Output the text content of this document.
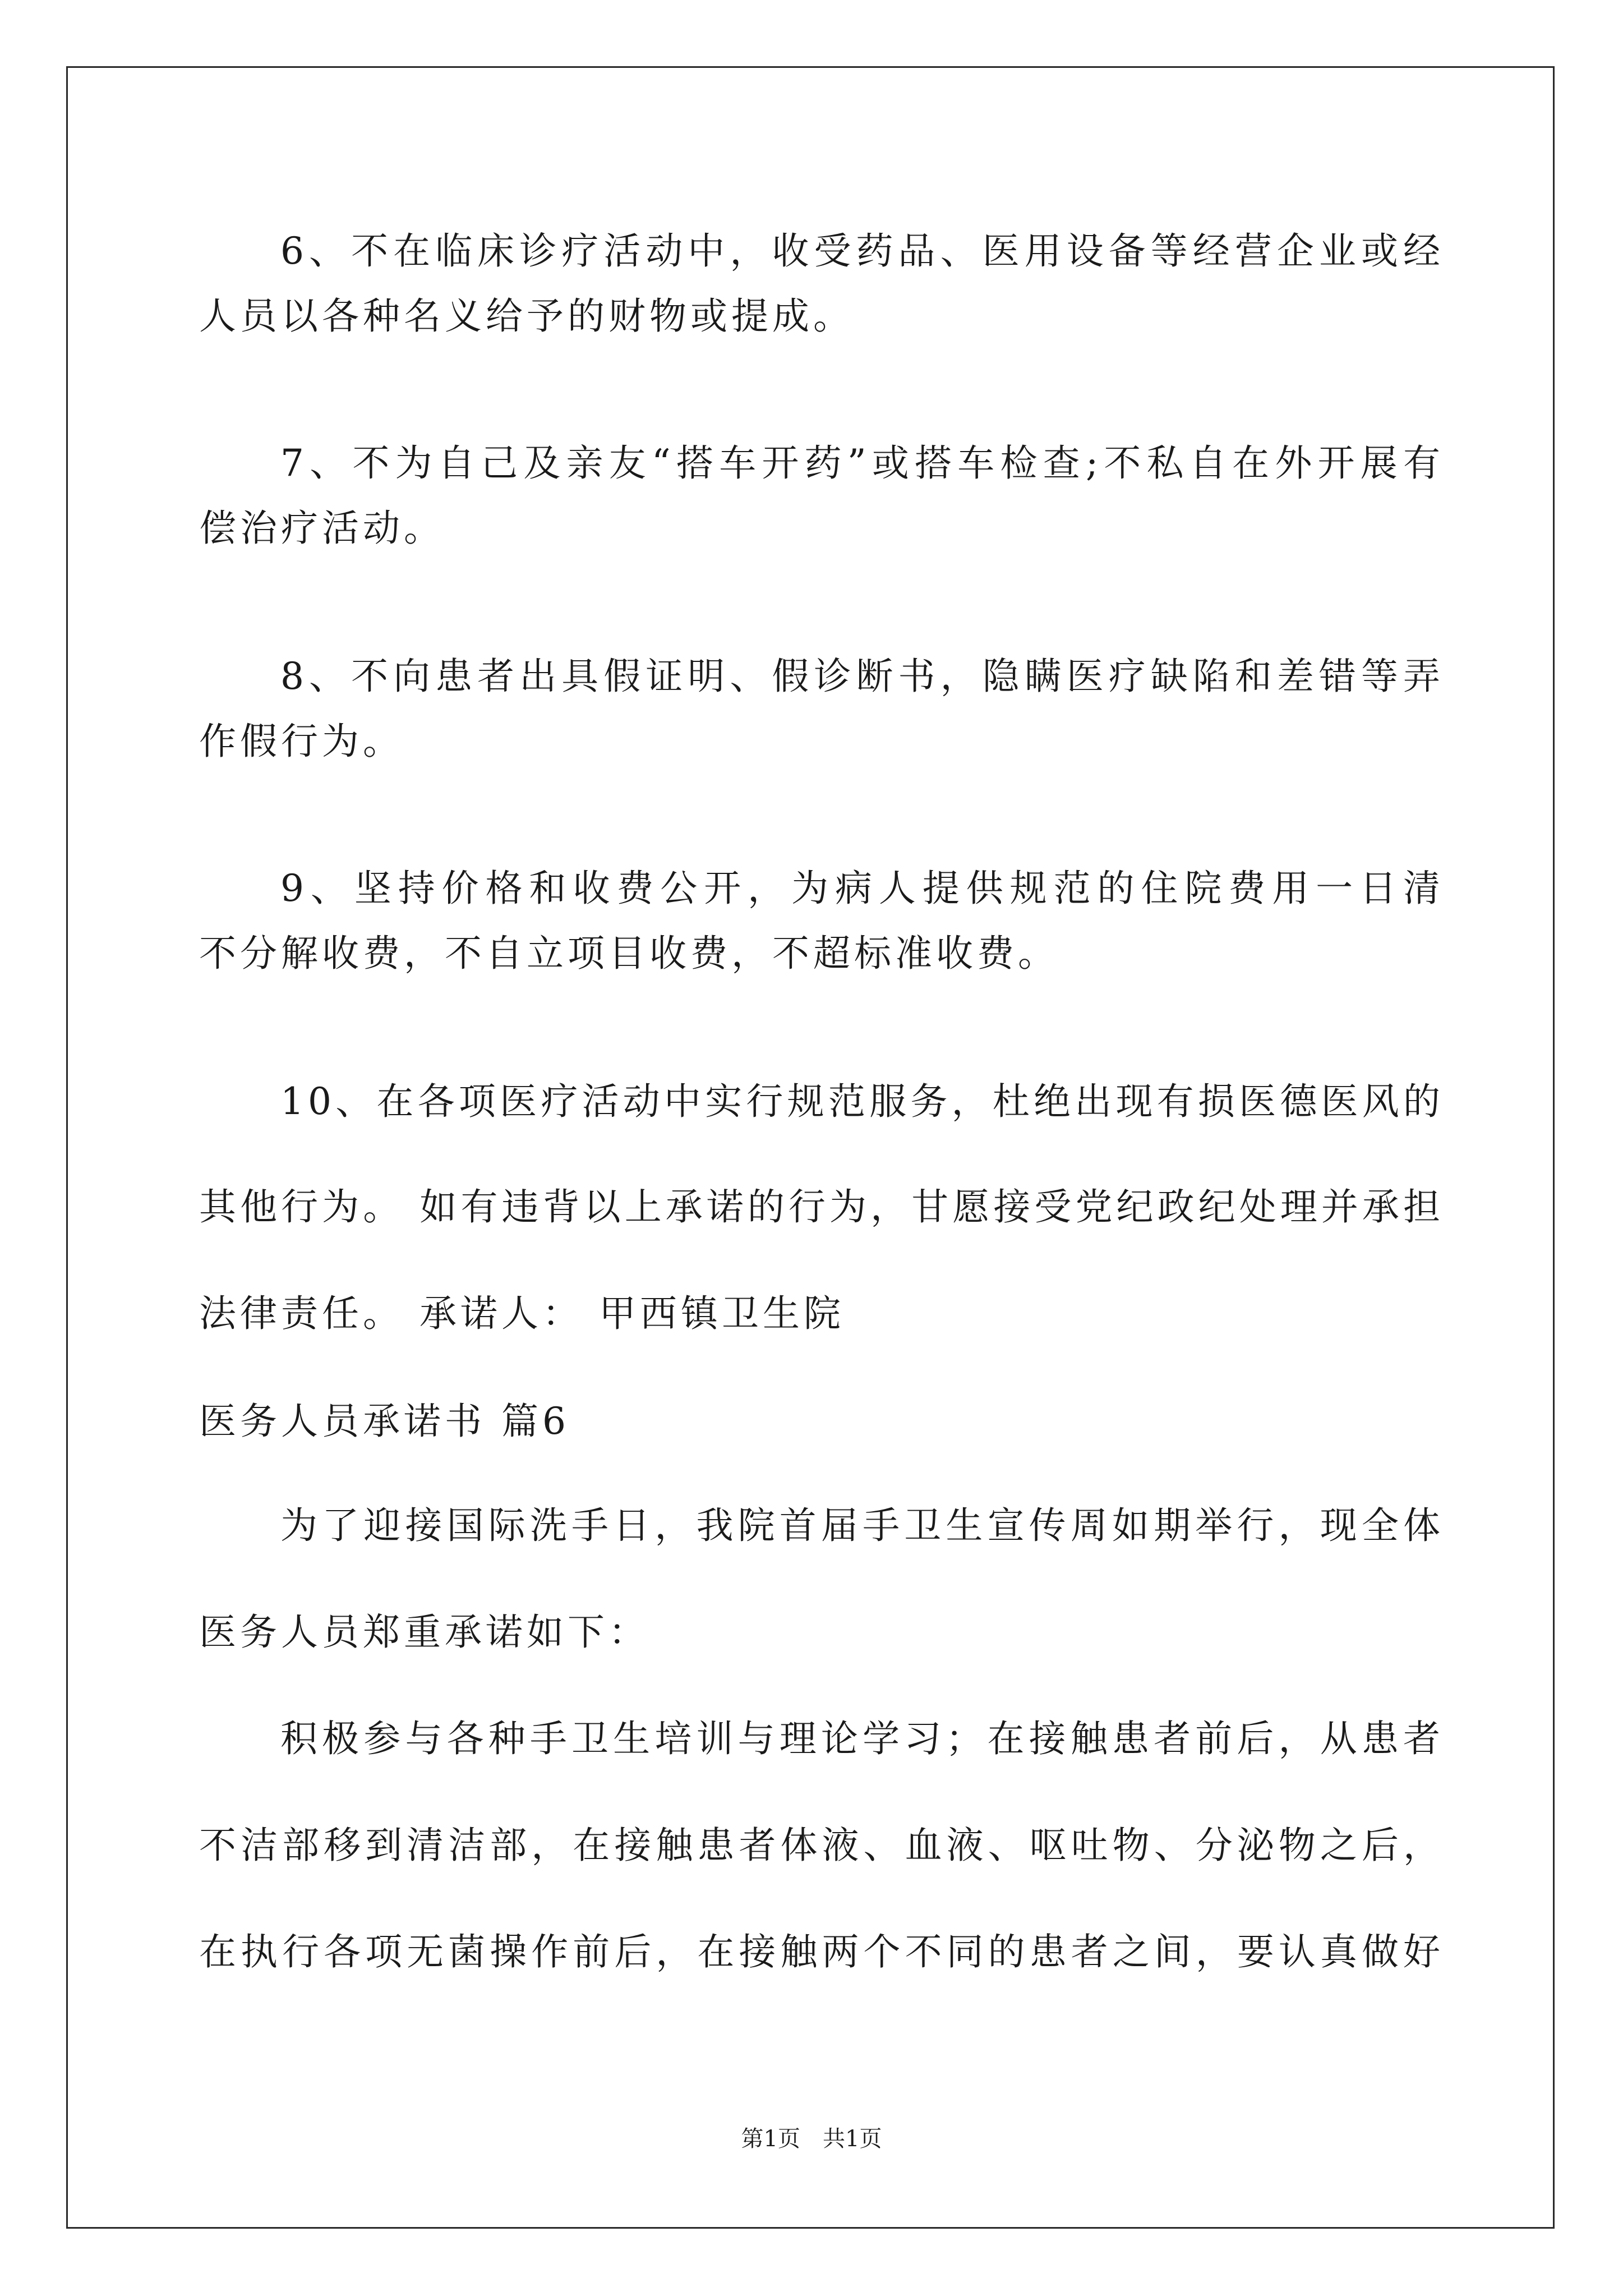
6、不在临床诊疗活动中，收受药品、医用设备等经营企业或经
人员以各种名义给予的财物或提成。
7、不为自己及亲友“搭车开药”或搭车检查;不私自在外开展有
偿治疗活动。
8、不向患者出具假证明、假诊断书，隐瞒医疗缺陷和差错等弄
作假行为。
9、坚持价格和收费公开，为病人提供规范的住院费用一日清
不分解收费，不自立项目收费，不超标准收费。
10、在各项医疗活动中实行规范服务，杜绝出现有损医德医风的
其他行为。 如有违背以上承诺的行为，甘愿接受党纪政纪处理并承担
法律责任。 承诺人： 甲西镇卫生院
医务人员承诺书 篇6
为了迎接国际洗手日，我院首届手卫生宣传周如期举行，现全体
医务人员郑重承诺如下：
积极参与各种手卫生培训与理论学习；在接触患者前后，从患者
不洁部移到清洁部，在接触患者体液、血液、呕吐物、分泌物之后，
在执行各项无菌操作前后，在接触两个不同的患者之间，要认真做好
第1页 共1页
